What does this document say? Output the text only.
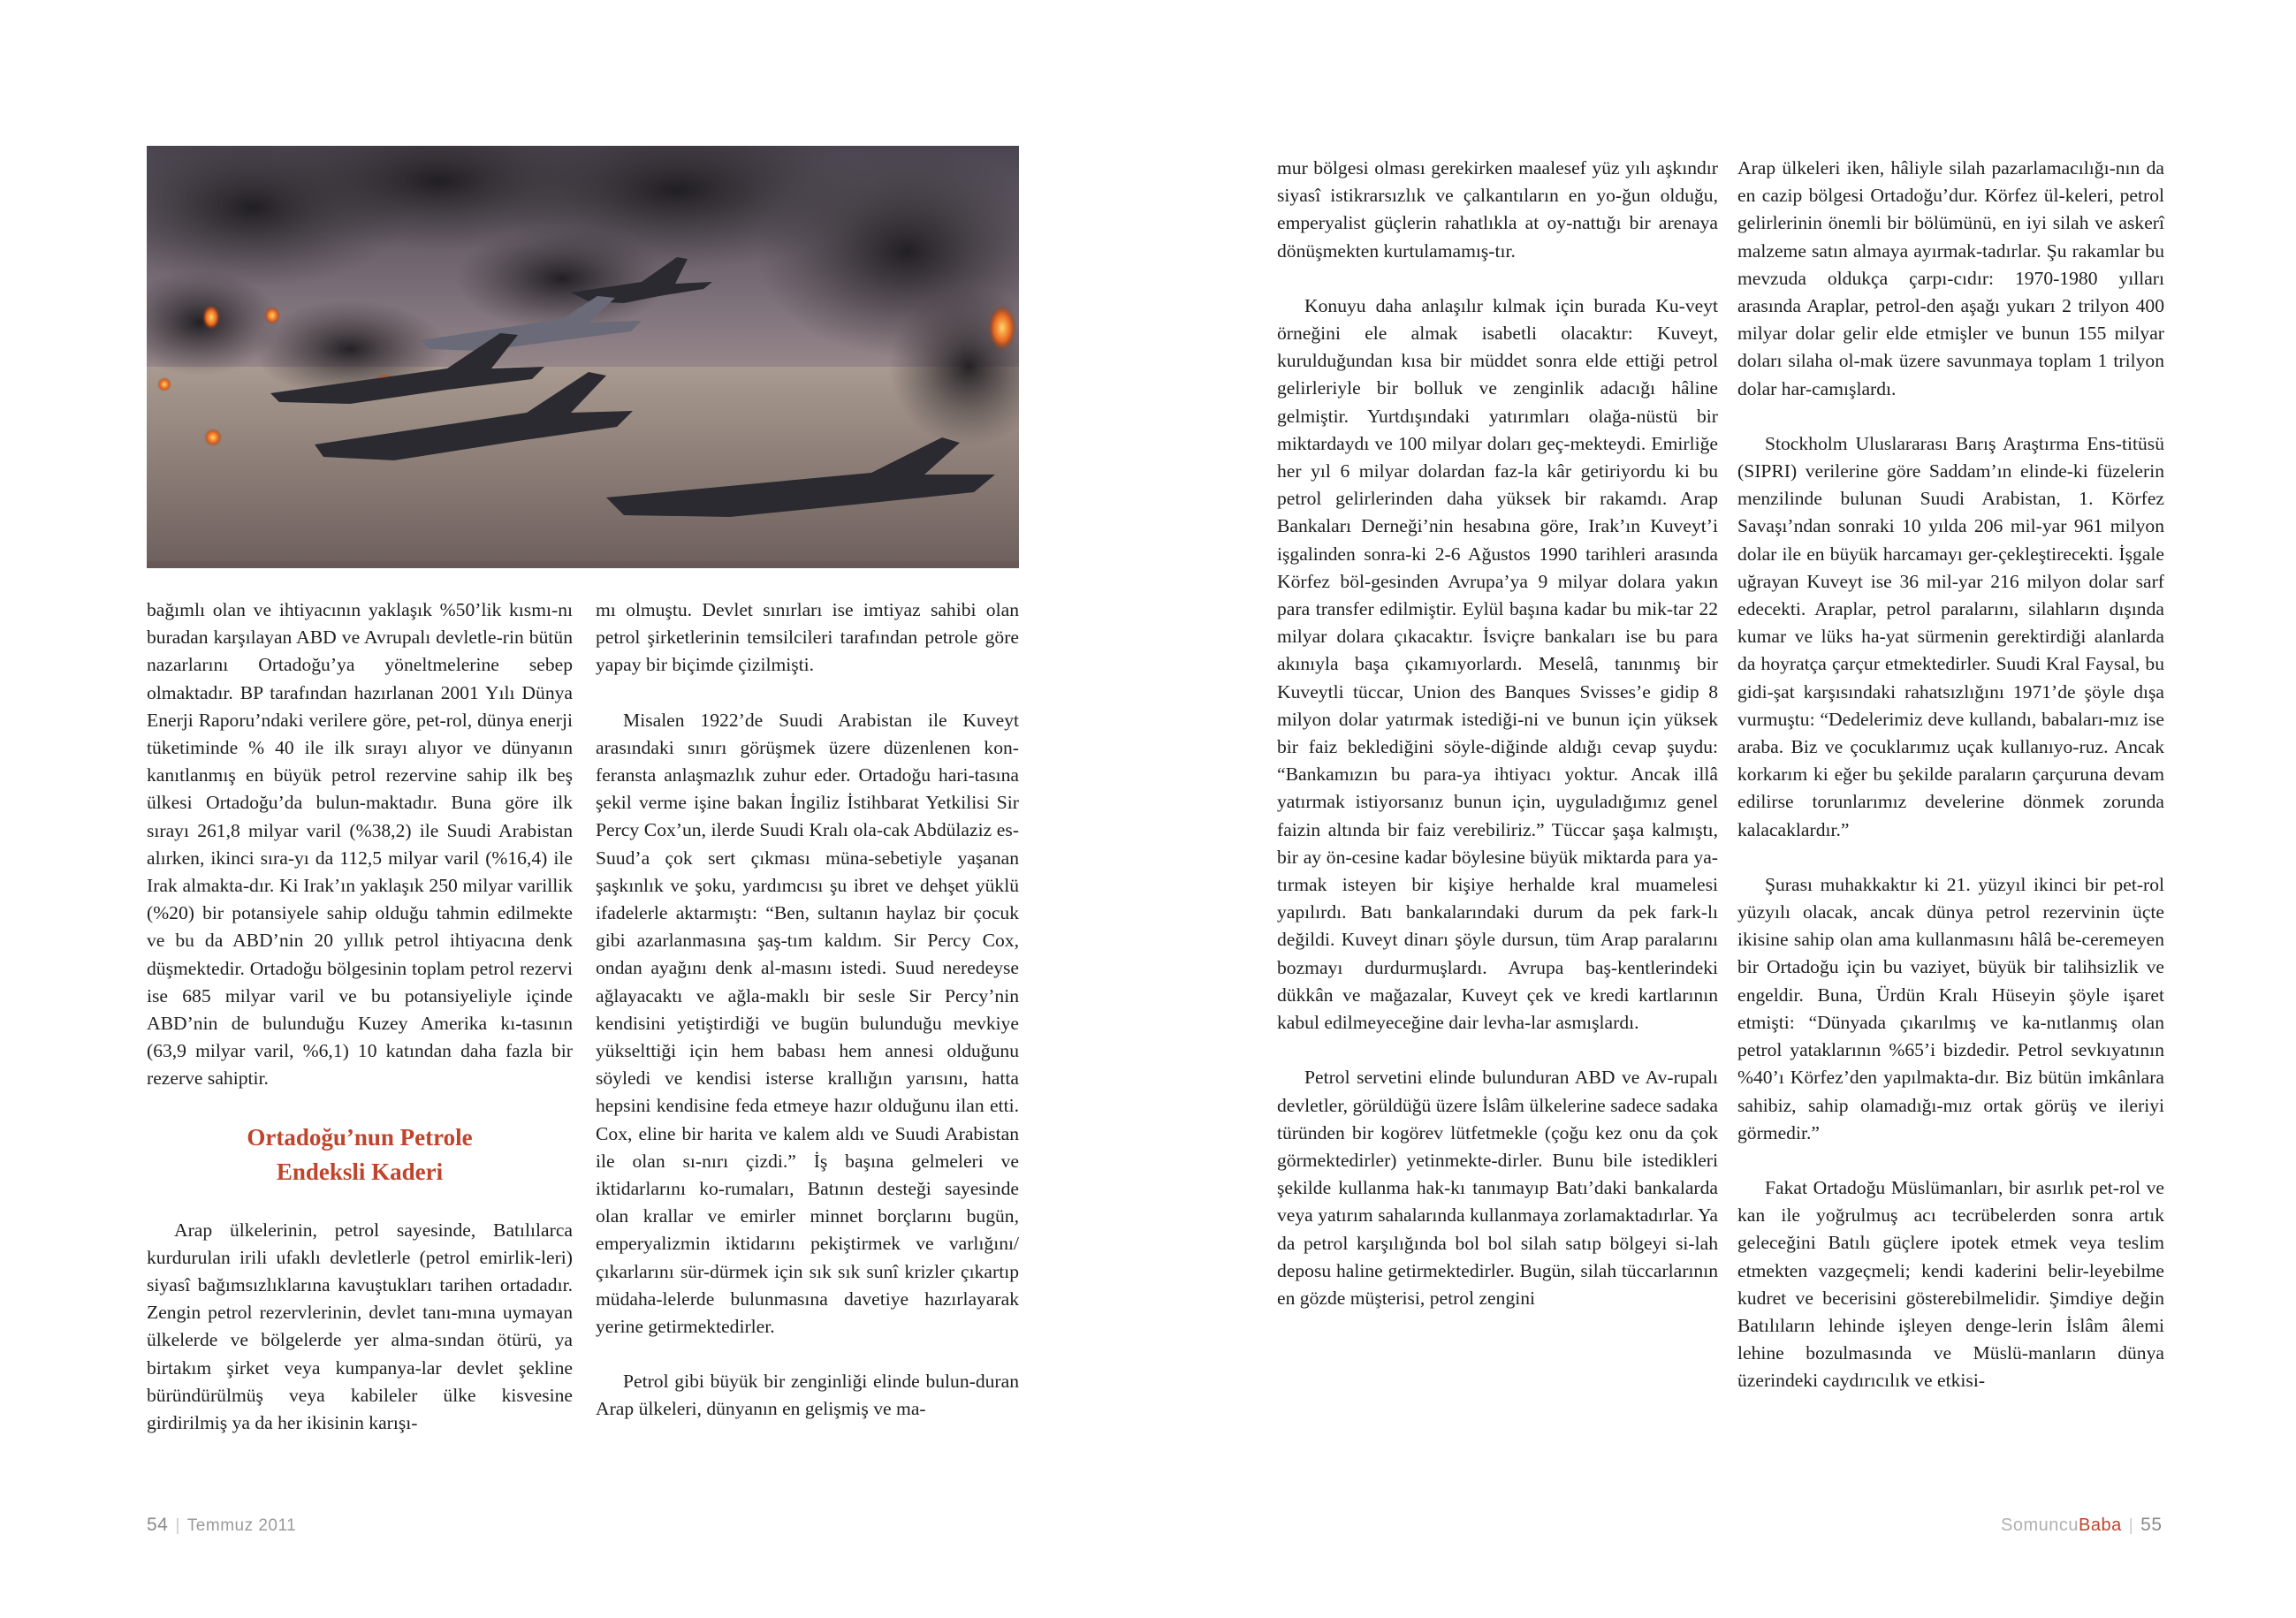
bağımlı olan ve ihtiyacının yaklaşık %50’lik kısmı-nı buradan karşılayan ABD ve Avrupalı devletle-rin bütün nazarlarını Ortadoğu’ya yöneltmelerine sebep olmaktadır. BP tarafından hazırlanan 2001 Yılı Dünya Enerji Raporu’ndaki verilere göre, pet-rol, dünya enerji tüketiminde % 40 ile ilk sırayı alıyor ve dünyanın kanıtlanmış en büyük petrol rezervine sahip ilk beş ülkesi Ortadoğu’da bulun-maktadır. Buna göre ilk sırayı 261,8 milyar varil (%38,2) ile Suudi Arabistan alırken, ikinci sıra-yı da 112,5 milyar varil (%16,4) ile Irak almakta-dır. Ki Irak’ın yaklaşık 250 milyar varillik (%20) bir potansiyele sahip olduğu tahmin edilmekte ve bu da ABD’nin 20 yıllık petrol ihtiyacına denk düşmektedir. Ortadoğu bölgesinin toplam petrol rezervi ise 685 milyar varil ve bu potansiyeliyle içinde ABD’nin de bulunduğu Kuzey Amerika kı-tasının (63,9 milyar varil, %6,1) 10 katından daha fazla bir rezerve sahiptir.

Ortadoğu’nun Petrole
Endeksli Kaderi

Arap ülkelerinin, petrol sayesinde, Batılılarca kurdurulan irili ufaklı devletlerle (petrol emirlik-leri) siyasî bağımsızlıklarına kavuştukları tarihen ortadadır. Zengin petrol rezervlerinin, devlet tanı-mına uymayan ülkelerde ve bölgelerde yer alma-sından ötürü, ya birtakım şirket veya kumpanya-lar devlet şekline büründürülmüş veya kabileler ülke kisvesine girdirilmiş ya da her ikisinin karışı-

mı olmuştu. Devlet sınırları ise imtiyaz sahibi olan petrol şirketlerinin temsilcileri tarafından petrole göre yapay bir biçimde çizilmişti.

Misalen 1922’de Suudi Arabistan ile Kuveyt arasındaki sınırı görüşmek üzere düzenlenen kon-feransta anlaşmazlık zuhur eder. Ortadoğu hari-tasına şekil verme işine bakan İngiliz İstihbarat Yetkilisi Sir Percy Cox’un, ilerde Suudi Kralı ola-cak Abdülaziz es-Suud’a çok sert çıkması müna-sebetiyle yaşanan şaşkınlık ve şoku, yardımcısı şu ibret ve dehşet yüklü ifadelerle aktarmıştı: “Ben, sultanın haylaz bir çocuk gibi azarlanmasına şaş-tım kaldım. Sir Percy Cox, ondan ayağını denk al-masını istedi. Suud neredeyse ağlayacaktı ve ağla-maklı bir sesle Sir Percy’nin kendisini yetiştirdiği ve bugün bulunduğu mevkiye yükselttiği için hem babası hem annesi olduğunu söyledi ve kendisi isterse krallığın yarısını, hatta hepsini kendisine feda etmeye hazır olduğunu ilan etti. Cox, eline bir harita ve kalem aldı ve Suudi Arabistan ile olan sı-nırı çizdi.” İş başına gelmeleri ve iktidarlarını ko-rumaları, Batının desteği sayesinde olan krallar ve emirler minnet borçlarını bugün, emperyalizmin iktidarını pekiştirmek ve varlığını/çıkarlarını sür-dürmek için sık sık sunî krizler çıkartıp müdaha-lelerde bulunmasına davetiye hazırlayarak yerine getirmektedirler.

Petrol gibi büyük bir zenginliği elinde bulun-duran Arap ülkeleri, dünyanın en gelişmiş ve ma-

mur bölgesi olması gerekirken maalesef yüz yılı aşkındır siyasî istikrarsızlık ve çalkantıların en yo-ğun olduğu, emperyalist güçlerin rahatlıkla at oy-nattığı bir arenaya dönüşmekten kurtulamamış-tır.

Konuyu daha anlaşılır kılmak için burada Ku-veyt örneğini ele almak isabetli olacaktır: Kuveyt, kurulduğundan kısa bir müddet sonra elde ettiği petrol gelirleriyle bir bolluk ve zenginlik adacığı hâline gelmiştir. Yurtdışındaki yatırımları olağa-nüstü bir miktardaydı ve 100 milyar doları geç-mekteydi. Emirliğe her yıl 6 milyar dolardan faz-la kâr getiriyordu ki bu petrol gelirlerinden daha yüksek bir rakamdı. Arap Bankaları Derneği’nin hesabına göre, Irak’ın Kuveyt’i işgalinden sonra-ki 2-6 Ağustos 1990 tarihleri arasında Körfez böl-gesinden Avrupa’ya 9 milyar dolara yakın para transfer edilmiştir. Eylül başına kadar bu mik-tar 22 milyar dolara çıkacaktır. İsviçre bankaları ise bu para akınıyla başa çıkamıyorlardı. Meselâ, tanınmış bir Kuveytli tüccar, Union des Banques Svisses’e gidip 8 milyon dolar yatırmak istediği-ni ve bunun için yüksek bir faiz beklediğini söyle-diğinde aldığı cevap şuydu: “Bankamızın bu para-ya ihtiyacı yoktur. Ancak illâ yatırmak istiyorsanız bunun için, uyguladığımız genel faizin altında bir faiz verebiliriz.” Tüccar şaşa kalmıştı, bir ay ön-cesine kadar böylesine büyük miktarda para ya-tırmak isteyen bir kişiye herhalde kral muamelesi yapılırdı. Batı bankalarındaki durum da pek fark-lı değildi. Kuveyt dinarı şöyle dursun, tüm Arap paralarını bozmayı durdurmuşlardı. Avrupa baş-kentlerindeki dükkân ve mağazalar, Kuveyt çek ve kredi kartlarının kabul edilmeyeceğine dair levha-lar asmışlardı.

Petrol servetini elinde bulunduran ABD ve Av-rupalı devletler, görüldüğü üzere İslâm ülkelerine sadece sadaka türünden bir kogörev lütfetmekle (çoğu kez onu da çok görmektedirler) yetinmekte-dirler. Bunu bile istedikleri şekilde kullanma hak-kı tanımayıp Batı’daki bankalarda veya yatırım sahalarında kullanmaya zorlamaktadırlar. Ya da petrol karşılığında bol bol silah satıp bölgeyi si-lah deposu haline getirmektedirler. Bugün, silah tüccarlarının en gözde müşterisi, petrol zengini

Arap ülkeleri iken, hâliyle silah pazarlamacılığı-nın da en cazip bölgesi Ortadoğu’dur. Körfez ül-keleri, petrol gelirlerinin önemli bir bölümünü, en iyi silah ve askerî malzeme satın almaya ayırmak-tadırlar. Şu rakamlar bu mevzuda oldukça çarpı-cıdır: 1970-1980 yılları arasında Araplar, petrol-den aşağı yukarı 2 trilyon 400 milyar dolar gelir elde etmişler ve bunun 155 milyar doları silaha ol-mak üzere savunmaya toplam 1 trilyon dolar har-camışlardı.

Stockholm Uluslararası Barış Araştırma Ens-titüsü (SIPRI) verilerine göre Saddam’ın elinde-ki füzelerin menzilinde bulunan Suudi Arabistan, 1. Körfez Savaşı’ndan sonraki 10 yılda 206 mil-yar 961 milyon dolar ile en büyük harcamayı ger-çekleştirecekti. İşgale uğrayan Kuveyt ise 36 mil-yar 216 milyon dolar sarf edecekti. Araplar, petrol paralarını, silahların dışında kumar ve lüks ha-yat sürmenin gerektirdiği alanlarda da hoyratça çarçur etmektedirler. Suudi Kral Faysal, bu gidi-şat karşısındaki rahatsızlığını 1971’de şöyle dışa vurmuştu: “Dedelerimiz deve kullandı, babaları-mız ise araba. Biz ve çocuklarımız uçak kullanıyo-ruz. Ancak korkarım ki eğer bu şekilde paraların çarçuruna devam edilirse torunlarımız develerine dönmek zorunda kalacaklardır.”

Şurası muhakkaktır ki 21. yüzyıl ikinci bir pet-rol yüzyılı olacak, ancak dünya petrol rezervinin üçte ikisine sahip olan ama kullanmasını hâlâ be-ceremeyen bir Ortadoğu için bu vaziyet, büyük bir talihsizlik ve engeldir. Buna, Ürdün Kralı Hüseyin şöyle işaret etmişti: “Dünyada çıkarılmış ve ka-nıtlanmış olan petrol yataklarının %65’i bizdedir. Petrol sevkıyatının %40’ı Körfez’den yapılmakta-dır. Biz bütün imkânlara sahibiz, sahip olamadığı-mız ortak görüş ve ileriyi görmedir.”

Fakat Ortadoğu Müslümanları, bir asırlık pet-rol ve kan ile yoğrulmuş acı tecrübelerden sonra artık geleceğini Batılı güçlere ipotek etmek veya teslim etmekten vazgeçmeli; kendi kaderini belir-leyebilme kudret ve becerisini gösterebilmelidir. Şimdiye değin Batılıların lehinde işleyen denge-lerin İslâm âlemi lehine bozulmasında ve Müslü-manların dünya üzerindeki caydırıcılık ve etkisi-

54 | Temmuz 2011	SomuncuBaba | 55
